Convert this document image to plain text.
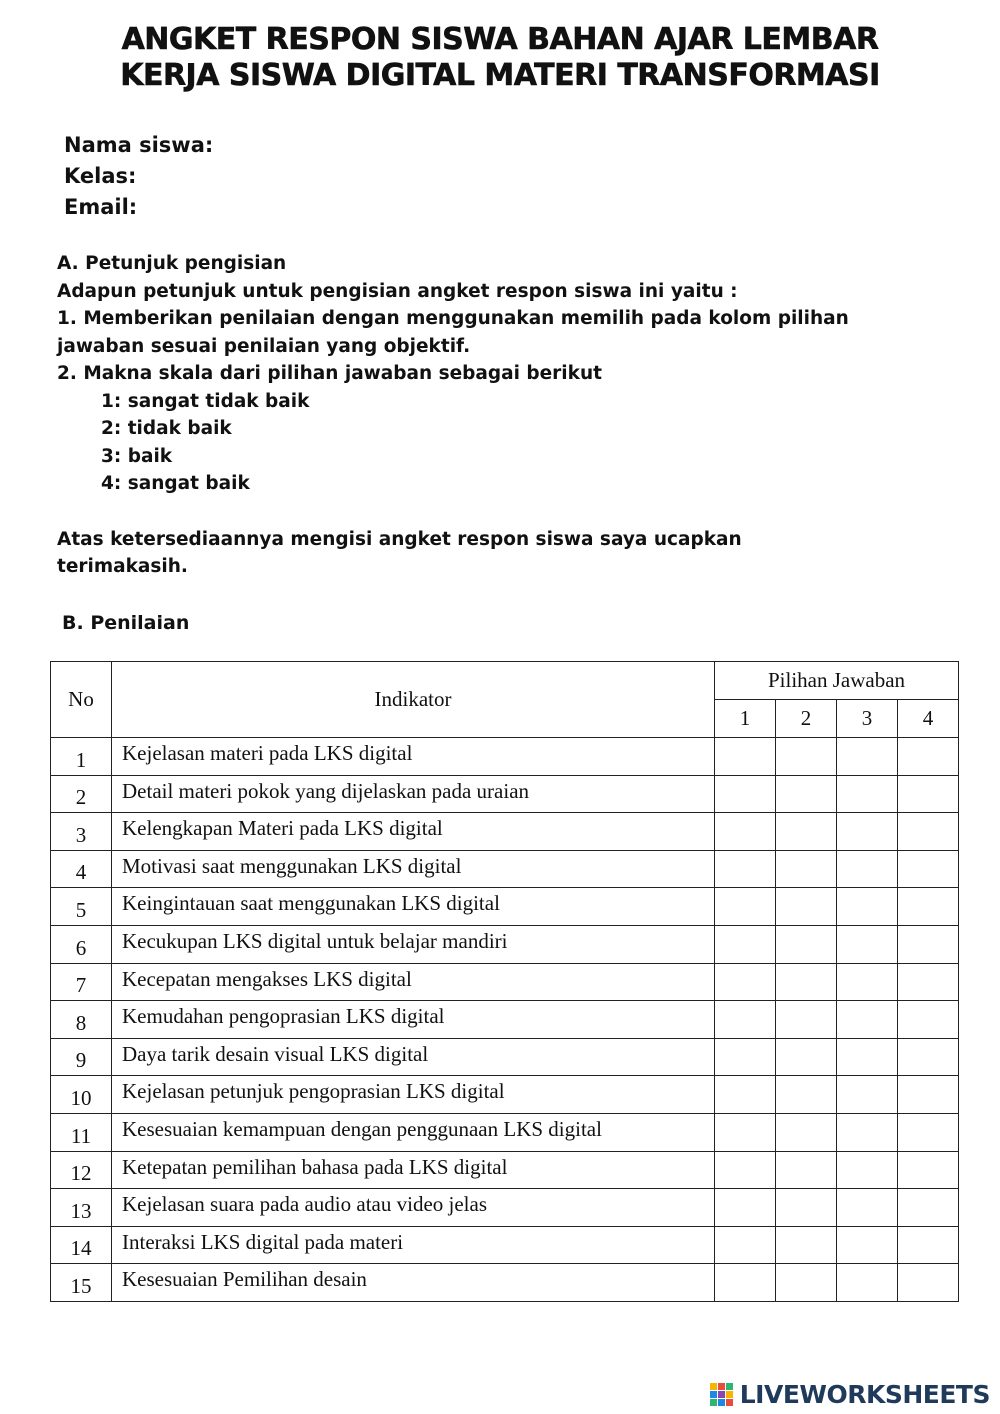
ANGKET RESPON SISWA BAHAN AJAR LEMBAR
KERJA SISWA DIGITAL MATERI TRANSFORMASI
Nama siswa:
Kelas:
Email:
A. Petunjuk pengisian
Adapun petunjuk untuk pengisian angket respon siswa ini yaitu :
1. Memberikan penilaian dengan menggunakan memilih pada kolom pilihan
jawaban sesuai penilaian yang objektif.
2. Makna skala dari pilihan jawaban sebagai berikut
1: sangat tidak baik
2: tidak baik
3: baik
4: sangat baik
Atas ketersediaannya mengisi angket respon siswa saya ucapkan
terimakasih.
B. Penilaian
No	Indikator	Pilihan Jawaban			
		1	2	3	4
1	Kejelasan materi pada LKS digital				
2	Detail materi pokok yang dijelaskan pada uraian				
3	Kelengkapan Materi pada LKS digital				
4	Motivasi saat menggunakan LKS digital				
5	Keingintauan saat menggunakan LKS digital				
6	Kecukupan LKS digital untuk belajar mandiri				
7	Kecepatan mengakses LKS digital				
8	Kemudahan pengoprasian LKS digital				
9	Daya tarik desain visual LKS digital				
10	Kejelasan petunjuk pengoprasian LKS digital				
11	Kesesuaian kemampuan dengan penggunaan LKS digital				
12	Ketepatan pemilihan bahasa pada LKS digital				
13	Kejelasan suara pada audio atau video jelas				
14	Interaksi LKS digital pada materi				
15	Kesesuaian Pemilihan desain				
LIVEWORKSHEETS
